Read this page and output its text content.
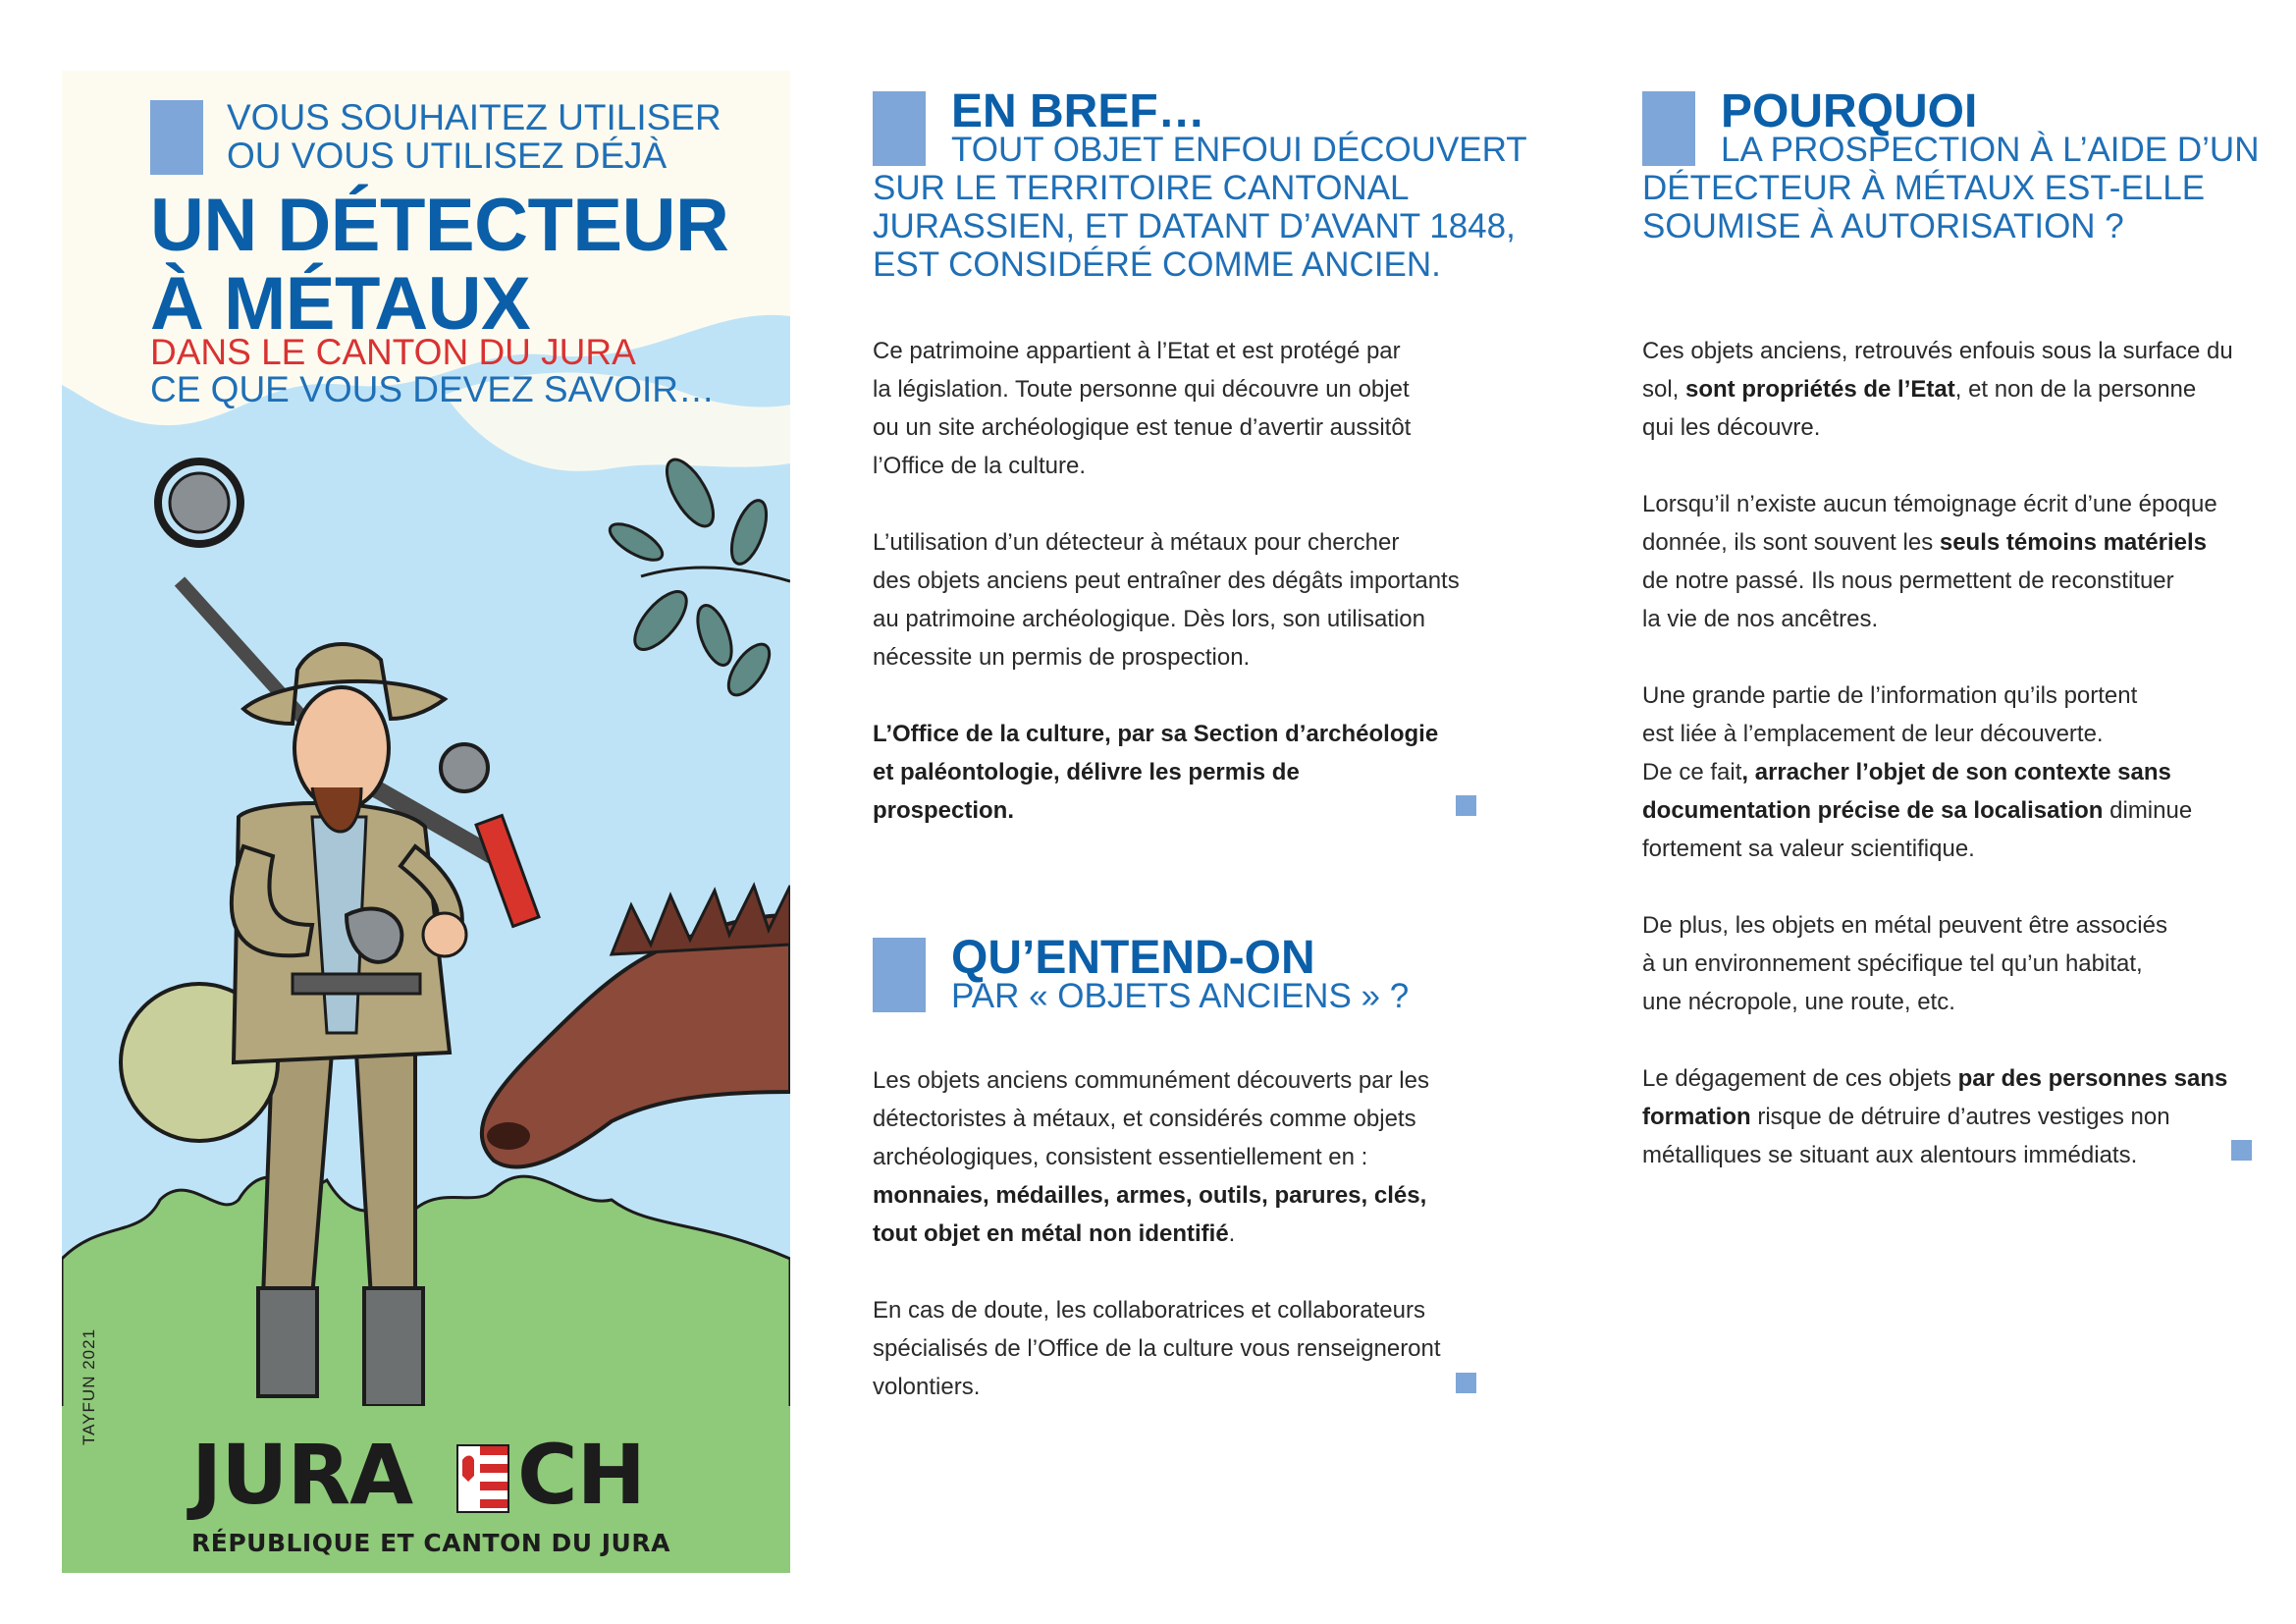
VOUS SOUHAITEZ UTILISER
OU VOUS UTILISEZ DÉJÀ
UN DÉTECTEUR
À MÉTAUX
DANS LE CANTON DU JURA
CE QUE VOUS DEVEZ SAVOIR…
TAYFUN 2021
JURA CH
RÉPUBLIQUE ET CANTON DU JURA
EN BREF…
TOUT OBJET ENFOUI DÉCOUVERT
SUR LE TERRITOIRE CANTONAL
JURASSIEN, ET DATANT D’AVANT 1848,
EST CONSIDÉRÉ COMME ANCIEN.

Ce patrimoine appartient à l’Etat et est protégé par
la législation. Toute personne qui découvre un objet
ou un site archéologique est tenue d’avertir aussitôt
l’Office de la culture.

L’utilisation d’un détecteur à métaux pour chercher
des objets anciens peut entraîner des dégâts importants
au patrimoine archéologique. Dès lors, son utilisation
nécessite un permis de prospection.

L’Office de la culture, par sa Section d’archéologie
et paléontologie, délivre les permis de
prospection.

QU’ENTEND-ON
PAR « OBJETS ANCIENS » ?

Les objets anciens communément découverts par les
détectoristes à métaux, et considérés comme objets
archéologiques, consistent essentiellement en :
monnaies, médailles, armes, outils, parures, clés,
tout objet en métal non identifié.

En cas de doute, les collaboratrices et collaborateurs
spécialisés de l’Office de la culture vous renseigneront
volontiers.

POURQUOI
LA PROSPECTION À L’AIDE D’UN
DÉTECTEUR À MÉTAUX EST-ELLE
SOUMISE À AUTORISATION ?

Ces objets anciens, retrouvés enfouis sous la surface du
sol, sont propriétés de l’Etat, et non de la personne
qui les découvre.

Lorsqu’il n’existe aucun témoignage écrit d’une époque
donnée, ils sont souvent les seuls témoins matériels
de notre passé. Ils nous permettent de reconstituer
la vie de nos ancêtres.

Une grande partie de l’information qu’ils portent
est liée à l’emplacement de leur découverte.
De ce fait, arracher l’objet de son contexte sans
documentation précise de sa localisation diminue
fortement sa valeur scientifique.

De plus, les objets en métal peuvent être associés
à un environnement spécifique tel qu’un habitat,
une nécropole, une route, etc.

Le dégagement de ces objets par des personnes sans
formation risque de détruire d’autres vestiges non
métalliques se situant aux alentours immédiats.
